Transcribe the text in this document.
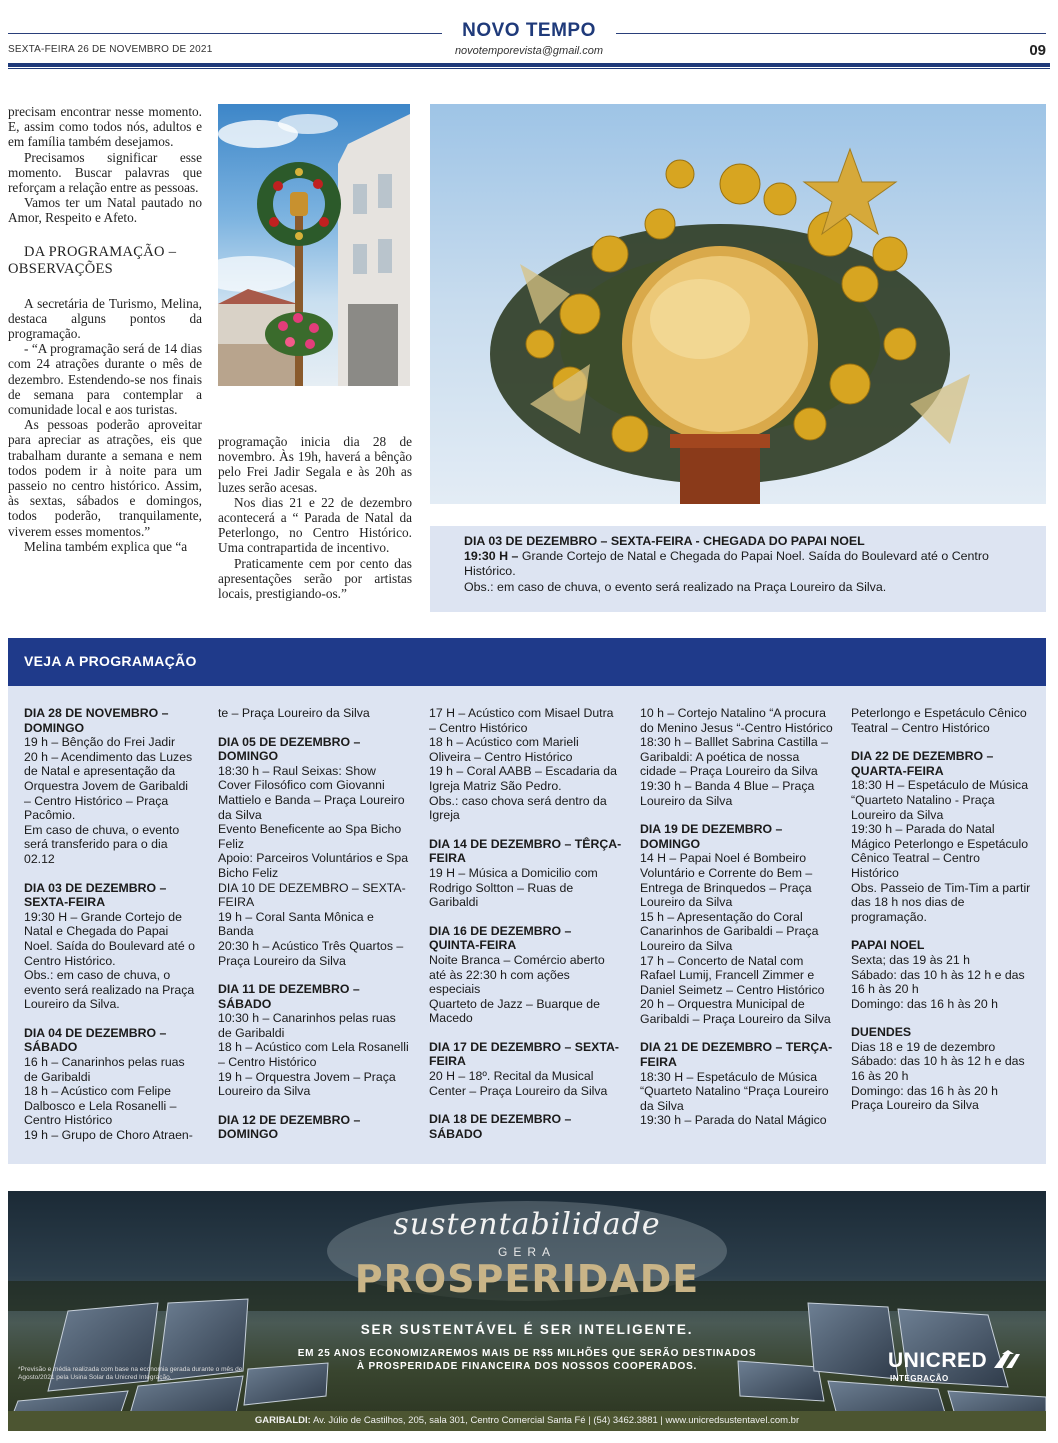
NOVO TEMPO
SEXTA-FEIRA 26 DE NOVEMBRO DE 2021	novotemporevista@gmail.com	09

precisam encontrar nesse momento. E, assim como todos nós, adultos e em família também desejamos.

Precisamos significar esse momento. Buscar palavras que reforçam a relação entre as pessoas.

Vamos ter um Natal pautado no Amor, Respeito e Afeto.

DA PROGRAMAÇÃO –
OBSERVAÇÕES

A secretária de Turismo, Melina, destaca alguns pontos da programação.

- “A programação será de 14 dias com 24 atrações durante o mês de dezembro. Estendendo-se nos finais de semana para contemplar a comunidade local e aos turistas.

As pessoas poderão aproveitar para apreciar as atrações, eis que trabalham durante a semana e nem todos podem ir à noite para um passeio no centro histórico. Assim, às sextas, sábados e domingos, todos poderão, tranquilamente, viverem esses momentos.”

Melina também explica que “a

programação inicia dia 28 de novembro. Às 19h, haverá a bênção pelo Frei Jadir Segala e às 20h as luzes serão acesas.

Nos dias 21 e 22 de dezembro acontecerá a “ Parada de Natal da Peterlongo, no Centro Histórico. Uma contrapartida de incentivo.

Praticamente cem por cento das apresentações serão por artistas locais, prestigiando-os.”

DIA 03 DE DEZEMBRO – SEXTA-FEIRA - CHEGADA DO PAPAI NOEL
19:30 H – Grande Cortejo de Natal e Chegada do Papai Noel. Saída do Boulevard até o Centro Histórico.
Obs.: em caso de chuva, o evento será realizado na Praça Loureiro da Silva.
VEJA A PROGRAMAÇÃO
DIA 28 DE NOVEMBRO – DOMINGO
19 h – Bênção do Frei Jadir
20 h – Acendimento das Luzes de Natal e apresentação da Orquestra Jovem de Garibaldi – Centro Histórico – Praça Pacômio.
Em caso de chuva, o evento será transferido para o dia 02.12
DIA 03 DE DEZEMBRO – SEXTA-FEIRA
19:30 H – Grande Cortejo de Natal e Chegada do Papai Noel. Saída do Boulevard até o Centro Histórico.
Obs.: em caso de chuva, o evento será realizado na Praça Loureiro da Silva.
DIA 04 DE DEZEMBRO – SÁBADO
16 h – Canarinhos pelas ruas de Garibaldi
18 h – Acústico com Felipe Dalbosco e Lela Rosanelli – Centro Histórico
19 h – Grupo de Choro Atraen-
te – Praça Loureiro da Silva
DIA 05 DE DEZEMBRO – DOMINGO
18:30 h – Raul Seixas: Show Cover Filosófico com Giovanni Mattielo e Banda – Praça Loureiro da Silva
Evento Beneficente ao Spa Bicho Feliz
Apoio: Parceiros Voluntários e Spa Bicho Feliz
DIA 10 DE DEZEMBRO – SEXTA-FEIRA
19 h – Coral Santa Mônica e Banda
20:30 h – Acústico Três Quartos – Praça Loureiro da Silva
DIA 11 DE DEZEMBRO – SÁBADO
10:30 h – Canarinhos pelas ruas de Garibaldi
18 h – Acústico com Lela Rosanelli – Centro Histórico
19 h – Orquestra Jovem – Praça Loureiro da Silva
DIA 12 DE DEZEMBRO – DOMINGO
17 H – Acústico com Misael Dutra – Centro Histórico
18 h – Acústico com Marieli Oliveira – Centro Histórico
19 h – Coral AABB – Escadaria da Igreja Matriz São Pedro.
Obs.: caso chova será dentro da Igreja
DIA 14 DE DEZEMBRO – TÊRÇA-FEIRA
19 H – Música a Domicilio com Rodrigo Soltton – Ruas de Garibaldi
DIA 16 DE DEZEMBRO – QUINTA-FEIRA
Noite Branca – Comércio aberto até às 22:30 h com ações especiais
Quarteto de Jazz – Buarque de Macedo
DIA 17 DE DEZEMBRO – SEXTA-FEIRA
20 H – 18º. Recital da Musical Center – Praça Loureiro da Silva
DIA 18 DE DEZEMBRO – SÁBADO
10 h – Cortejo Natalino “A procura do Menino Jesus “-Centro Histórico
18:30 h – Balllet Sabrina Castilla – Garibaldi: A poética de nossa cidade – Praça Loureiro da Silva
19:30 h – Banda 4 Blue – Praça Loureiro da Silva
DIA 19 DE DEZEMBRO – DOMINGO
14 H – Papai Noel é Bombeiro Voluntário e Corrente do Bem – Entrega de Brinquedos – Praça Loureiro da Silva
15 h – Apresentação do Coral Canarinhos de Garibaldi – Praça Loureiro da Silva
17 h – Concerto de Natal com Rafael Lumij, Francell Zimmer e Daniel Seimetz – Centro Histórico
20 h – Orquestra Municipal de Garibaldi – Praça Loureiro da Silva
DIA 21 DE DEZEMBRO – TERÇA-FEIRA
18:30 H – Espetáculo de Música “Quarteto Natalino “Praça Loureiro da Silva
19:30 h – Parada do Natal Mágico
Peterlongo e Espetáculo Cênico Teatral – Centro Histórico
DIA 22 DE DEZEMBRO – QUARTA-FEIRA
18:30 H – Espetáculo de Música “Quarteto Natalino - Praça Loureiro da Silva
19:30 h – Parada do Natal Mágico Peterlongo e Espetáculo Cênico Teatral – Centro Histórico
Obs. Passeio de Tim-Tim a partir das 18 h nos dias de programação.
PAPAI NOEL
Sexta; das 19 às 21 h
Sábado: das 10 h às 12 h e das 16 h às 20 h
Domingo: das 16 h às 20 h
DUENDES
Dias 18 e 19 de dezembro
Sábado: das 10 h às 12 h e das 16 às 20 h
Domingo: das 16 h às 20 h Praça Loureiro da Silva
sustentabilidade
GERA
PROSPERIDADE
SER SUSTENTÁVEL É SER INTELIGENTE.
EM 25 ANOS ECONOMIZAREMOS MAIS DE R$5 MILHÕES QUE SERÃO DESTINADOS
À PROSPERIDADE FINANCEIRA DOS NOSSOS COOPERADOS.
*Previsão e média realizada com base na economia gerada durante o mês de Agosto/2021 pela Usina Solar da Unicred Integração.
UNICRED
INTEGRAÇÃO
GARIBALDI: Av. Júlio de Castilhos, 205, sala 301, Centro Comercial Santa Fé | (54) 3462.3881 | www.unicredsustentavel.com.br
